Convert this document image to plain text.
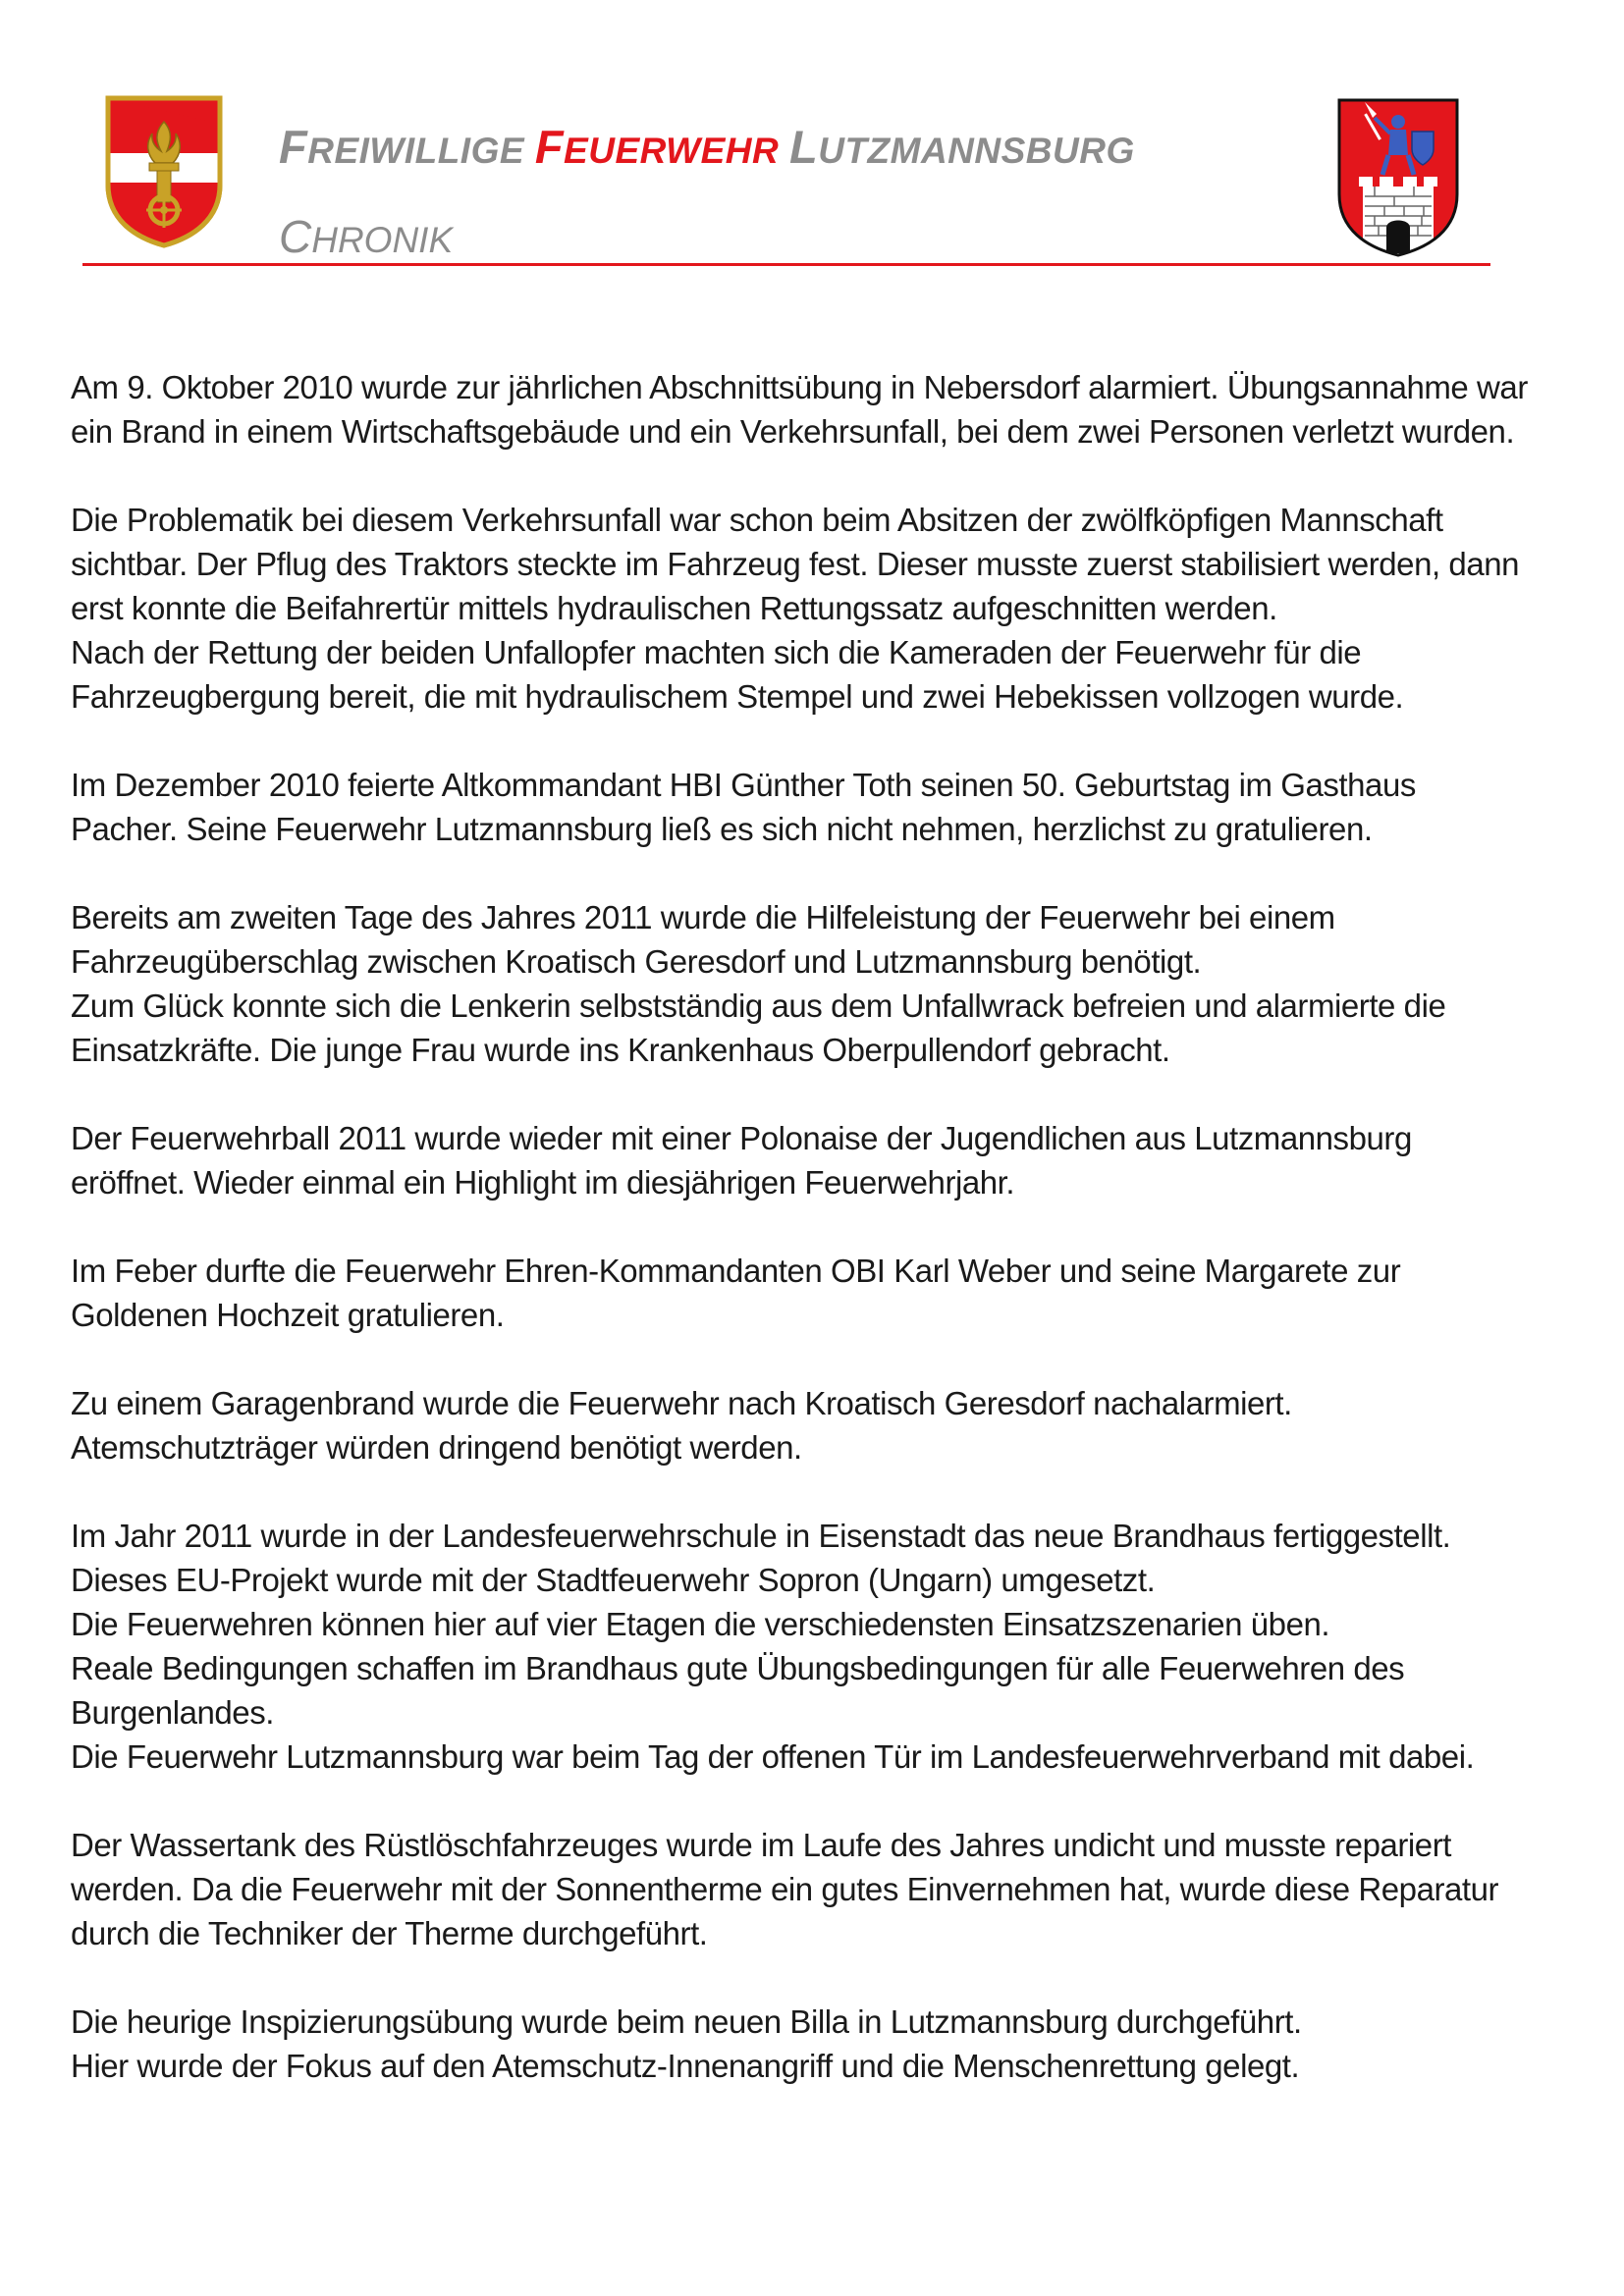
FREIWILLIGE FEUERWEHR LUTZMANNSBURG
CHRONIK
Am 9. Oktober 2010 wurde zur jährlichen Abschnittsübung in Nebersdorf alarmiert. Übungsannahme war
ein Brand in einem Wirtschaftsgebäude und ein Verkehrsunfall, bei dem zwei Personen verletzt wurden.
Die Problematik bei diesem Verkehrsunfall war schon beim Absitzen der zwölfköpfigen Mannschaft
sichtbar. Der Pflug des Traktors steckte im Fahrzeug fest. Dieser musste zuerst stabilisiert werden, dann
erst konnte die Beifahrertür mittels hydraulischen Rettungssatz aufgeschnitten werden.
Nach der Rettung der beiden Unfallopfer machten sich die Kameraden der Feuerwehr für die
Fahrzeugbergung bereit, die mit hydraulischem Stempel und zwei Hebekissen vollzogen wurde.
Im Dezember 2010 feierte Altkommandant HBI Günther Toth seinen 50. Geburtstag im Gasthaus
Pacher. Seine Feuerwehr Lutzmannsburg ließ es sich nicht nehmen, herzlichst zu gratulieren.
Bereits am zweiten Tage des Jahres 2011 wurde die Hilfeleistung der Feuerwehr bei einem
Fahrzeugüberschlag zwischen Kroatisch Geresdorf und Lutzmannsburg benötigt.
Zum Glück konnte sich die Lenkerin selbstständig aus dem Unfallwrack befreien und alarmierte die
Einsatzkräfte. Die junge Frau wurde ins Krankenhaus Oberpullendorf gebracht.
Der Feuerwehrball 2011 wurde wieder mit einer Polonaise der Jugendlichen aus Lutzmannsburg
eröffnet. Wieder einmal ein Highlight im diesjährigen Feuerwehrjahr.
Im Feber durfte die Feuerwehr Ehren-Kommandanten OBI Karl Weber und seine Margarete zur
Goldenen Hochzeit gratulieren.
Zu einem Garagenbrand wurde die Feuerwehr nach Kroatisch Geresdorf nachalarmiert.
Atemschutzträger würden dringend benötigt werden.
Im Jahr 2011 wurde in der Landesfeuerwehrschule in Eisenstadt das neue Brandhaus fertiggestellt.
Dieses EU-Projekt wurde mit der Stadtfeuerwehr Sopron (Ungarn) umgesetzt.
Die Feuerwehren können hier auf vier Etagen die verschiedensten Einsatzszenarien üben.
Reale Bedingungen schaffen im Brandhaus gute Übungsbedingungen für alle Feuerwehren des
Burgenlandes.
Die Feuerwehr Lutzmannsburg war beim Tag der offenen Tür im Landesfeuerwehrverband mit dabei.
Der Wassertank des Rüstlöschfahrzeuges wurde im Laufe des Jahres undicht und musste repariert
werden. Da die Feuerwehr mit der Sonnentherme ein gutes Einvernehmen hat, wurde diese Reparatur
durch die Techniker der Therme durchgeführt.
Die heurige Inspizierungsübung wurde beim neuen Billa in Lutzmannsburg durchgeführt.
Hier wurde der Fokus auf den Atemschutz-Innenangriff und die Menschenrettung gelegt.
